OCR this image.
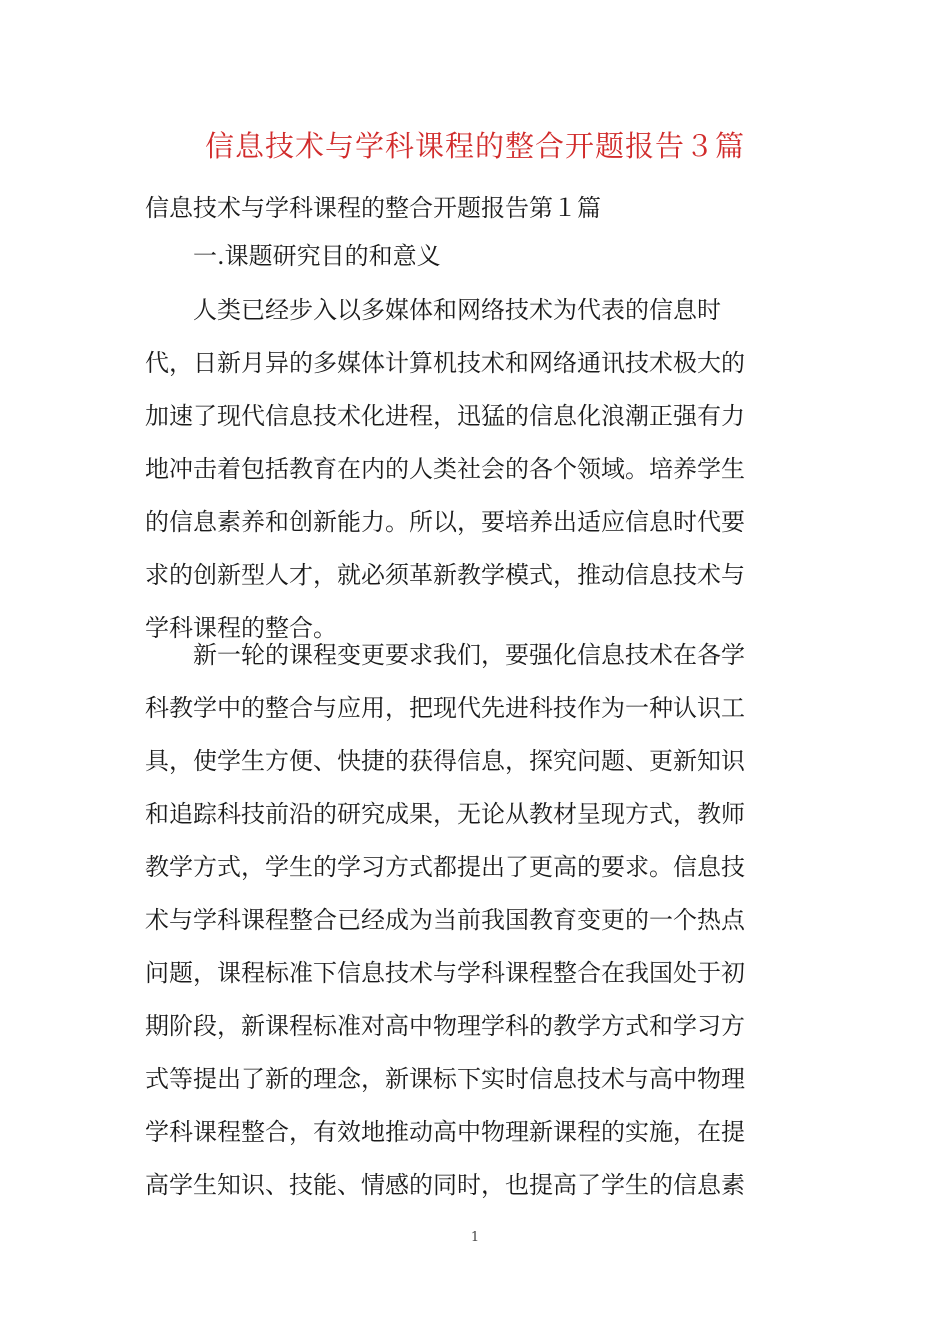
信息技术与学科课程的整合开题报告３篇
信息技术与学科课程的整合开题报告第１篇
一.课题研究目的和意义
人类已经步入以多媒体和网络技术为代表的信息时
代，日新月异的多媒体计算机技术和网络通讯技术极大的
加速了现代信息技术化进程，迅猛的信息化浪潮正强有力
地冲击着包括教育在内的人类社会的各个领域。培养学生
的信息素养和创新能力。所以，要培养出适应信息时代要
求的创新型人才，就必须革新教学模式，推动信息技术与
学科课程的整合。
新一轮的课程变更要求我们，要强化信息技术在各学
科教学中的整合与应用，把现代先进科技作为一种认识工
具，使学生方便、快捷的获得信息，探究问题、更新知识
和追踪科技前沿的研究成果，无论从教材呈现方式，教师
教学方式，学生的学习方式都提出了更高的要求。信息技
术与学科课程整合已经成为当前我国教育变更的一个热点
问题，课程标准下信息技术与学科课程整合在我国处于初
期阶段，新课程标准对高中物理学科的教学方式和学习方
式等提出了新的理念，新课标下实时信息技术与高中物理
学科课程整合，有效地推动高中物理新课程的实施，在提
高学生知识、技能、情感的同时，也提高了学生的信息素
1
